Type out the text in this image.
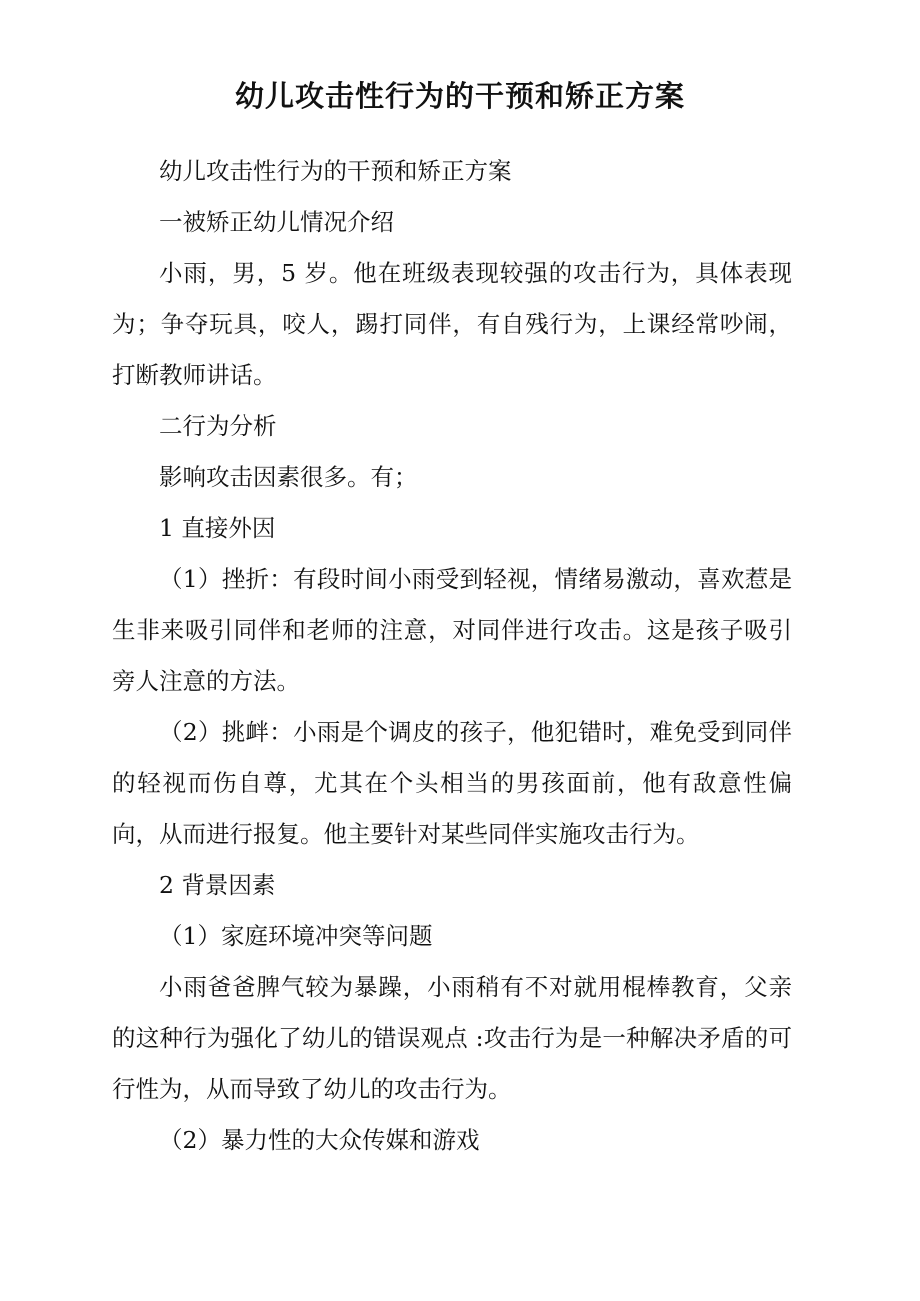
幼儿攻击性行为的干预和矫正方案

幼儿攻击性行为的干预和矫正方案

一被矫正幼儿情况介绍

小雨，男，5 岁。他在班级表现较强的攻击行为，具体表现为；争夺玩具，咬人，踢打同伴，有自残行为，上课经常吵闹，打断教师讲话。

二行为分析

影响攻击因素很多。有；

1 直接外因

（1）挫折：有段时间小雨受到轻视，情绪易激动，喜欢惹是生非来吸引同伴和老师的注意，对同伴进行攻击。这是孩子吸引旁人注意的方法。

（2）挑衅：小雨是个调皮的孩子，他犯错时，难免受到同伴的轻视而伤自尊，尤其在个头相当的男孩面前，他有敌意性偏向，从而进行报复。他主要针对某些同伴实施攻击行为。

2 背景因素

（1）家庭环境冲突等问题

小雨爸爸脾气较为暴躁，小雨稍有不对就用棍棒教育，父亲的这种行为强化了幼儿的错误观点 :攻击行为是一种解决矛盾的可行性为，从而导致了幼儿的攻击行为。

（2）暴力性的大众传媒和游戏
